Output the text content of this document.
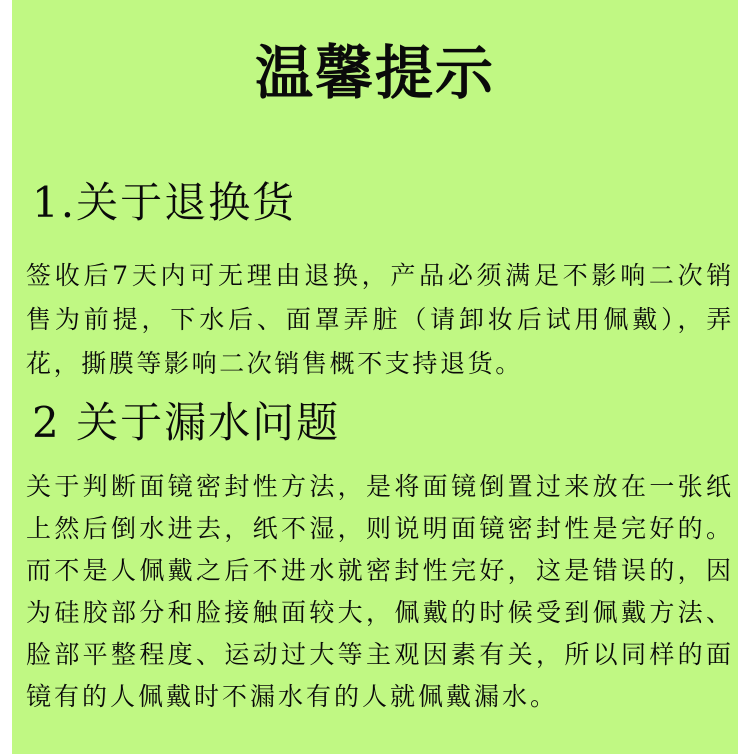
温馨提示
1.关于退换货

签收后7天内可无理由退换，产品必须满足不影响二次销售为前提，下水后、面罩弄脏（请卸妆后试用佩戴），弄花，撕膜等影响二次销售概不支持退货。

2 关于漏水问题

关于判断面镜密封性方法，是将面镜倒置过来放在一张纸上然后倒水进去，纸不湿，则说明面镜密封性是完好的。而不是人佩戴之后不进水就密封性完好，这是错误的，因为硅胶部分和脸接触面较大，佩戴的时候受到佩戴方法、脸部平整程度、运动过大等主观因素有关，所以同样的面镜有的人佩戴时不漏水有的人就佩戴漏水。
